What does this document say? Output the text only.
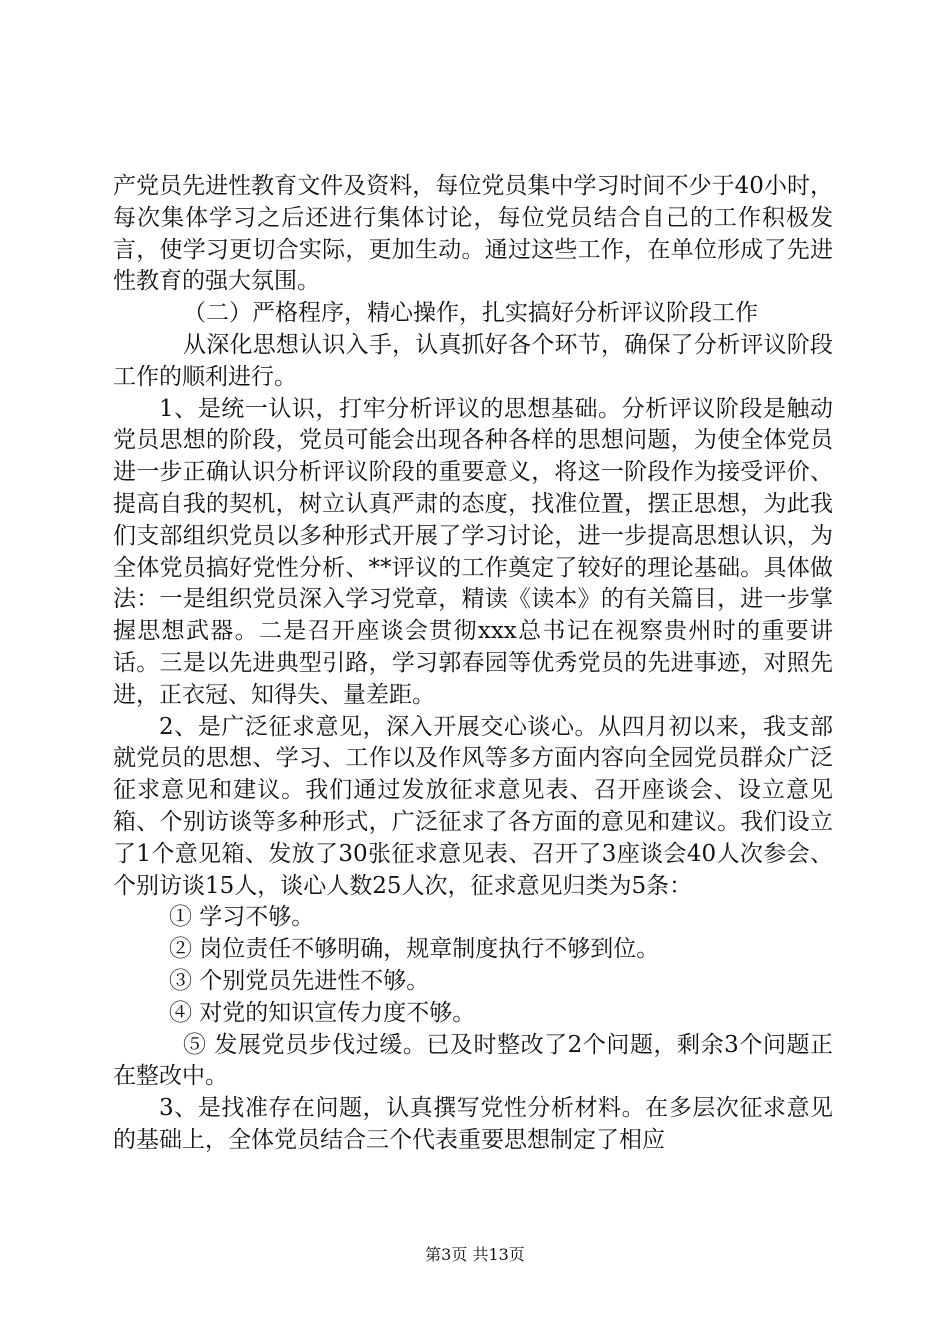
产党员先进性教育文件及资料，每位党员集中学习时间不少于40小时，每次集体学习之后还进行集体讨论，每位党员结合自己的工作积极发言，使学习更切合实际，更加生动。通过这些工作，在单位形成了先进性教育的强大氛围。

（二）严格程序，精心操作，扎实搞好分析评议阶段工作

从深化思想认识入手，认真抓好各个环节，确保了分析评议阶段工作的顺利进行。

1、是统一认识，打牢分析评议的思想基础。分析评议阶段是触动党员思想的阶段，党员可能会出现各种各样的思想问题，为使全体党员进一步正确认识分析评议阶段的重要意义，将这一阶段作为接受评价、提高自我的契机，树立认真严肃的态度，找准位置，摆正思想，为此我们支部组织党员以多种形式开展了学习讨论，进一步提高思想认识，为全体党员搞好党性分析、**评议的工作奠定了较好的理论基础。具体做法：一是组织党员深入学习党章，精读《读本》的有关篇目，进一步掌握思想武器。二是召开座谈会贯彻xxx总书记在视察贵州时的重要讲话。三是以先进典型引路，学习郭春园等优秀党员的先进事迹，对照先进，正衣冠、知得失、量差距。

2、是广泛征求意见，深入开展交心谈心。从四月初以来，我支部就党员的思想、学习、工作以及作风等多方面内容向全园党员群众广泛征求意见和建议。我们通过发放征求意见表、召开座谈会、设立意见箱、个别访谈等多种形式，广泛征求了各方面的意见和建议。我们设立了1个意见箱、发放了30张征求意见表、召开了3座谈会40人次参会、个别访谈15人，谈心人数25人次，征求意见归类为5条：

① 学习不够。

② 岗位责任不够明确，规章制度执行不够到位。

③ 个别党员先进性不够。

④ 对党的知识宣传力度不够。

⑤ 发展党员步伐过缓。已及时整改了2个问题，剩余3个问题正在整改中。

3、是找准存在问题，认真撰写党性分析材料。在多层次征求意见的基础上，全体党员结合三个代表重要思想制定了相应

第3页 共13页
